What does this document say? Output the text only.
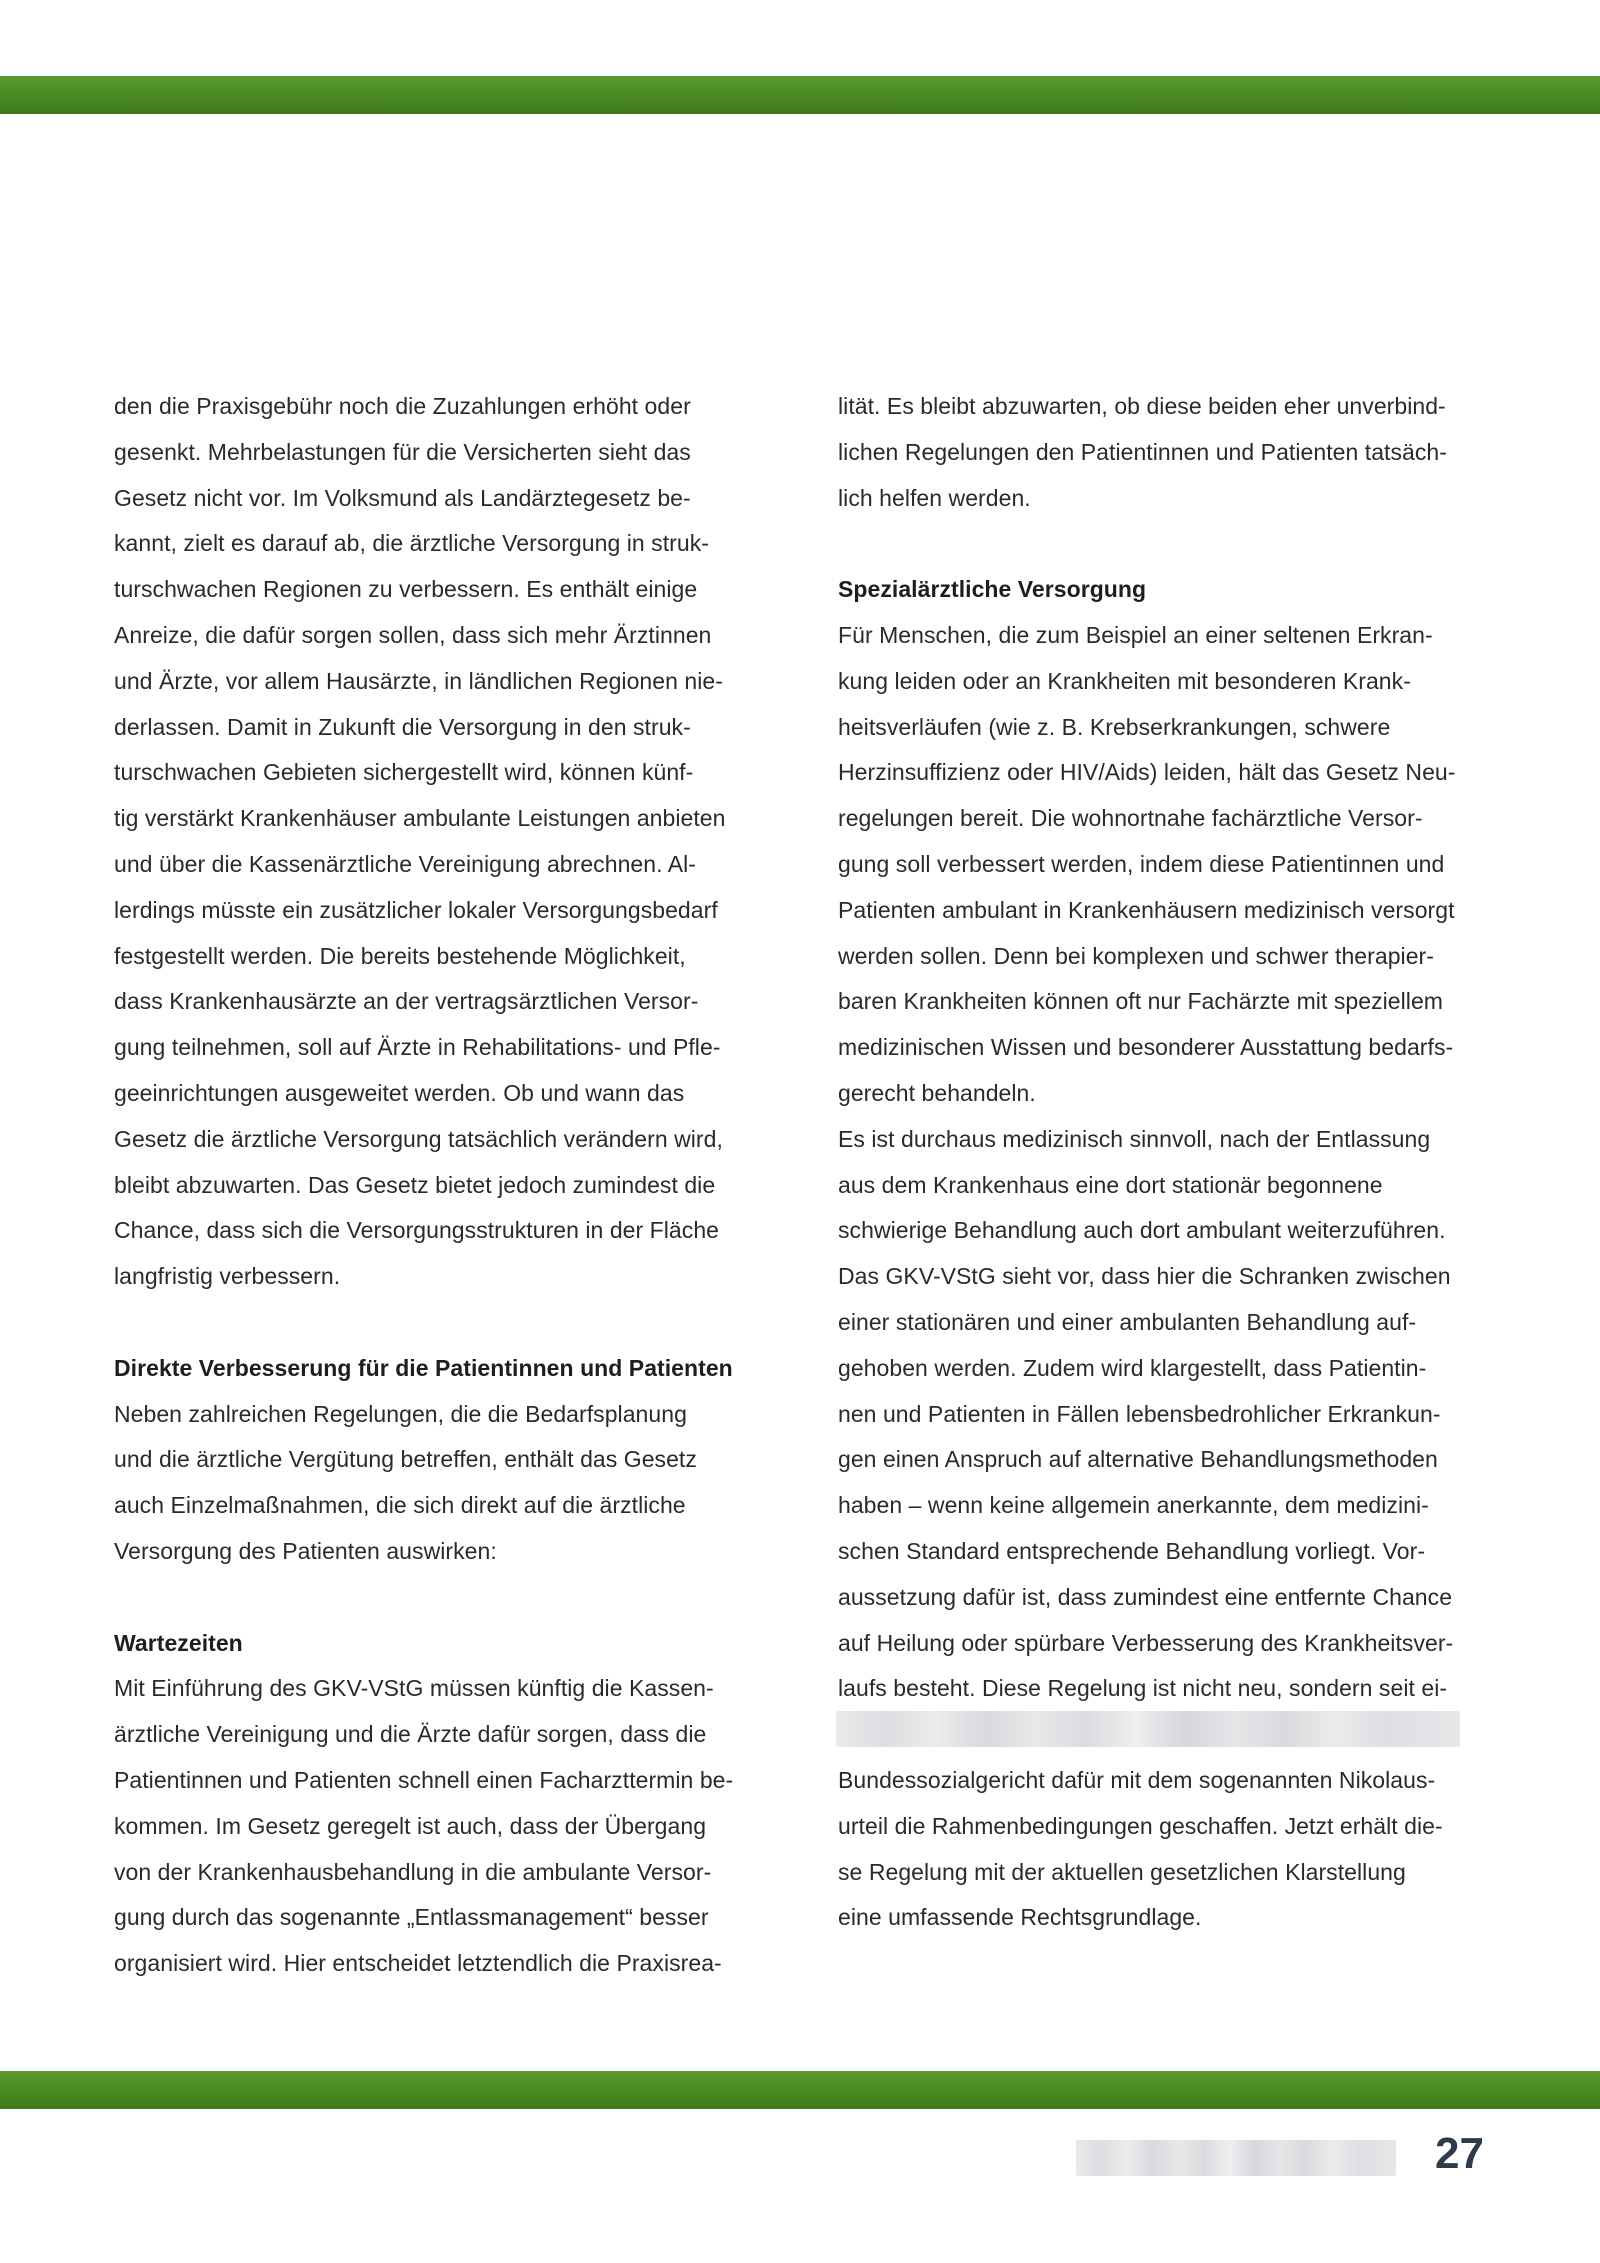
den die Praxisgebühr noch die Zuzahlungen erhöht oder
gesenkt. Mehrbelastungen für die Versicherten sieht das
Gesetz nicht vor. Im Volksmund als Landärztegesetz be-
kannt, zielt es darauf ab, die ärztliche Versorgung in struk-
turschwachen Regionen zu verbessern. Es enthält einige
Anreize, die dafür sorgen sollen, dass sich mehr Ärztinnen
und Ärzte, vor allem Hausärzte, in ländlichen Regionen nie-
derlassen. Damit in Zukunft die Versorgung in den struk-
turschwachen Gebieten sichergestellt wird, können künf-
tig verstärkt Krankenhäuser ambulante Leistungen anbieten
und über die Kassenärztliche Vereinigung abrechnen. Al-
lerdings müsste ein zusätzlicher lokaler Versorgungsbedarf
festgestellt werden. Die bereits bestehende Möglichkeit,
dass Krankenhausärzte an der vertragsärztlichen Versor-
gung teilnehmen, soll auf Ärzte in Rehabilitations- und Pfle-
geeinrichtungen ausgeweitet werden. Ob und wann das
Gesetz die ärztliche Versorgung tatsächlich verändern wird,
bleibt abzuwarten. Das Gesetz bietet jedoch zumindest die
Chance, dass sich die Versorgungsstrukturen in der Fläche
langfristig verbessern.
Direkte Verbesserung für die Patientinnen und Patienten
Neben zahlreichen Regelungen, die die Bedarfsplanung
und die ärztliche Vergütung betreffen, enthält das Gesetz
auch Einzelmaßnahmen, die sich direkt auf die ärztliche
Versorgung des Patienten auswirken:
Wartezeiten
Mit Einführung des GKV-VStG müssen künftig die Kassen-
ärztliche Vereinigung und die Ärzte dafür sorgen, dass die
Patientinnen und Patienten schnell einen Facharzttermin be-
kommen. Im Gesetz geregelt ist auch, dass der Übergang
von der Krankenhausbehandlung in die ambulante Versor-
gung durch das sogenannte „Entlassmanagement“ besser
organisiert wird. Hier entscheidet letztendlich die Praxisrea-
lität. Es bleibt abzuwarten, ob diese beiden eher unverbind-
lichen Regelungen den Patientinnen und Patienten tatsäch-
lich helfen werden.
Spezialärztliche Versorgung
Für Menschen, die zum Beispiel an einer seltenen Erkran-
kung leiden oder an Krankheiten mit besonderen Krank-
heitsverläufen (wie z. B. Krebserkrankungen, schwere
Herzinsuffizienz oder HIV/Aids) leiden, hält das Gesetz Neu-
regelungen bereit. Die wohnortnahe fachärztliche Versor-
gung soll verbessert werden, indem diese Patientinnen und
Patienten ambulant in Krankenhäusern medizinisch versorgt
werden sollen. Denn bei komplexen und schwer therapier-
baren Krankheiten können oft nur Fachärzte mit speziellem
medizinischen Wissen und besonderer Ausstattung bedarfs-
gerecht behandeln.
Es ist durchaus medizinisch sinnvoll, nach der Entlassung
aus dem Krankenhaus eine dort stationär begonnene
schwierige Behandlung auch dort ambulant weiterzuführen.
Das GKV-VStG sieht vor, dass hier die Schranken zwischen
einer stationären und einer ambulanten Behandlung auf-
gehoben werden. Zudem wird klargestellt, dass Patientin-
nen und Patienten in Fällen lebensbedrohlicher Erkrankun-
gen einen Anspruch auf alternative Behandlungsmethoden
haben – wenn keine allgemein anerkannte, dem medizini-
schen Standard entsprechende Behandlung vorliegt. Vor-
aussetzung dafür ist, dass zumindest eine entfernte Chance
auf Heilung oder spürbare Verbesserung des Krankheitsver-
laufs besteht. Diese Regelung ist nicht neu, sondern seit ei-
Bundessozialgericht dafür mit dem sogenannten Nikolaus-
urteil die Rahmenbedingungen geschaffen. Jetzt erhält die-
se Regelung mit der aktuellen gesetzlichen Klarstellung
eine umfassende Rechtsgrundlage.
27
